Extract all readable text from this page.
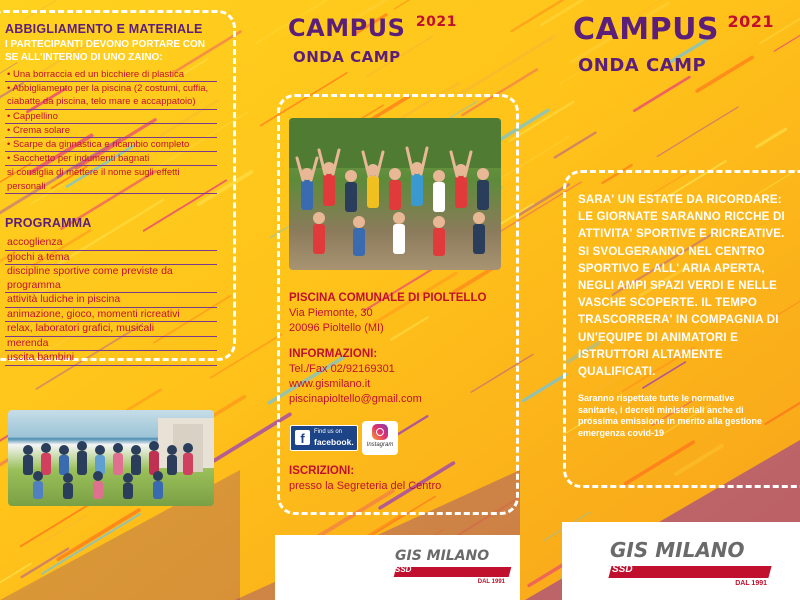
ABBIGLIAMENTO E MATERIALE
I PARTECIPANTI DEVONO PORTARE CON SE ALL'INTERNO DI UNO ZAINO:
• Una borraccia ed un bicchiere di plastica
• Abbigliamento per la piscina (2 costumi, cuffia, ciabatte da piscina, telo mare e accappatoio)
• Cappellino
• Crema solare
• Scarpe da ginnastica e ricambio completo
• Sacchetto per indumenti bagnati
si consiglia di mettere il nome sugli effetti personali
PROGRAMMA
accoglienza
giochi a tema
discipline sportive come previste da programma
attività ludiche in piscina
animazione, gioco, momenti ricreativi
relax, laboratori grafici, musicali
merenda
uscita bambini
CAMPUS 2021
ONDA CAMP
PISCINA COMUNALE DI PIOLTELLO
Via Piemonte, 30
20096 Pioltello (MI)
INFORMAZIONI:
Tel./Fax 02/92169301
www.gismilano.it
piscinapioltello@gmail.com
f	Find us on
facebook.	Instagram
ISCRIZIONI:
presso la Segreteria del Centro
GIS MILANO
SSD
DAL 1991
CAMPUS 2021
ONDA CAMP
SARA' UN ESTATE DA RICORDARE: LE GIORNATE SARANNO RICCHE DI ATTIVITA' SPORTIVE E RICREATIVE. SI SVOLGERANNO NEL CENTRO SPORTIVO E ALL' ARIA APERTA, NEGLI AMPI SPAZI VERDI E NELLE VASCHE SCOPERTE. IL TEMPO TRASCORRERA' IN COMPAGNIA DI UN'EQUIPE DI ANIMATORI E ISTRUTTORI ALTAMENTE QUALIFICATI.
Saranno rispettate tutte le normative sanitarie, i decreti ministeriali anche di prossima emissione in merito alla gestione emergenza covid-19
GIS MILANO
SSD
DAL 1991
